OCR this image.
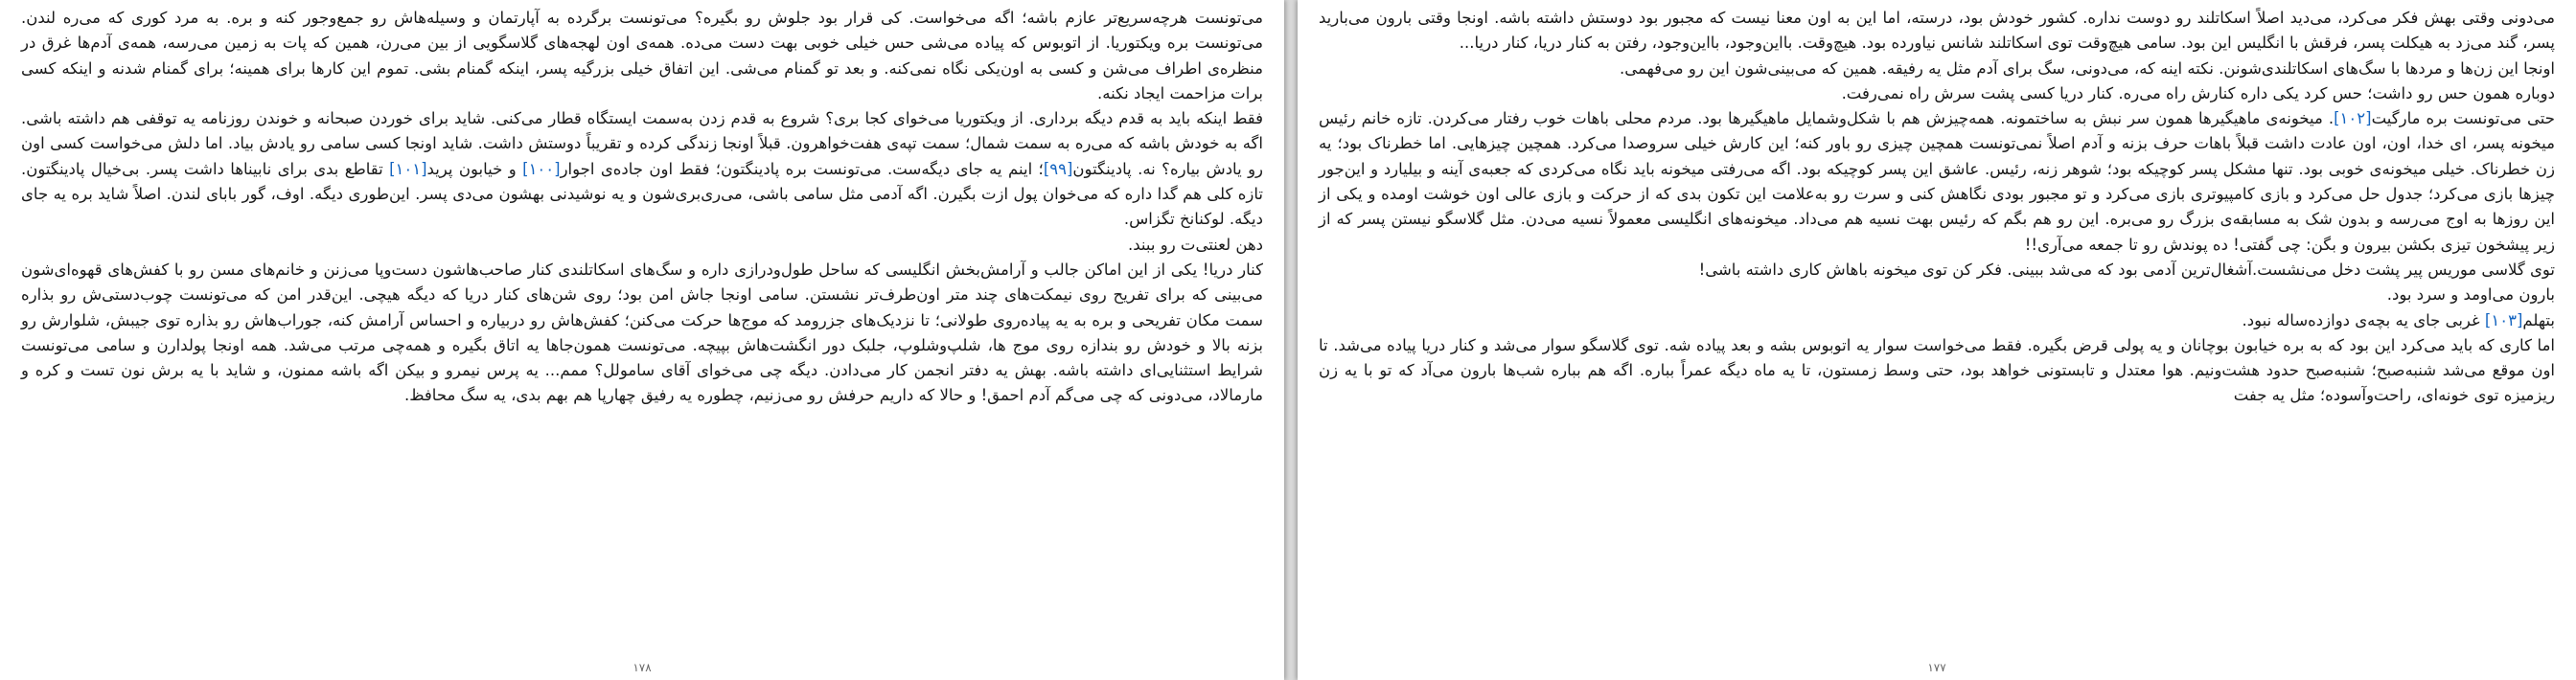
می‌تونست هرچه‌سریع‌تر عازم باشه؛ اگه می‌خواست. کی قرار بود جلوش رو بگیره؟ می‌تونست برگرده به آپارتمان و وسیله‌هاش رو جمع‌وجور کنه و بره. به مرد کوری که می‌ره لندن. می‌تونست بره ویکتوریا. از اتوبوس که پیاده می‌شی حس خیلی خوبی بهت دست می‌ده. همه‌ی اون لهجه‌های گلاسگویی از بین می‌رن، همین که پات به زمین می‌رسه، همه‌ی آدم‌ها غرق در منظره‌ی اطراف می‌شن و کسی به اون‌یکی نگاه نمی‌کنه. و بعد تو گمنام می‌شی. این اتفاق خیلی بزرگیه پسر، اینکه گمنام بشی. تموم این کارها برای همینه؛ برای گمنام شدنه و اینکه کسی برات مزاحمت ایجاد نکنه.

فقط اینکه باید به قدم دیگه برداری. از ویکتوریا می‌خوای کجا بری؟ شروع به قدم زدن به‌سمت ایستگاه قطار می‌کنی. شاید برای خوردن صبحانه و خوندن روزنامه یه توقفی هم داشته باشی. اگه به خودش باشه که می‌ره به سمت شمال؛ سمت تپه‌ی هفت‌خواهرون. قبلاً اونجا زندگی کرده و تقریباً دوستش داشت. شاید اونجا کسی سامی رو یادش بیاد. اما دلش می‌خواست کسی اون رو یادش بیاره؟ نه. پادینگتون[۹۹]؛ اینم یه جای دیگه‌ست. می‌تونست بره پادینگتون؛ فقط اون جاده‌ی اجوار[۱۰۰] و خیابون پرید[۱۰۱] تقاطع بدی برای نابیناها داشت پسر. بی‌خیال پادینگتون. تازه کلی هم گدا داره که می‌خوان پول ازت بگیرن. اگه آدمی مثل سامی باشی، می‌ری‌بری‌شون و یه نوشیدنی بهشون می‌دی پسر. این‌طوری دیگه. اوف، گور بابای لندن. اصلاً شاید بره یه جای دیگه. لوکنانخ تگزاس.

دهن لعنتی‌ت رو ببند.

کنار دریا! یکی از این اماکن جالب و آرامش‌بخش انگلیسی که ساحل طول‌ودرازی داره و سگ‌های اسکاتلندی کنار صاحب‌هاشون دست‌وپا می‌زنن و خانم‌های مسن رو با کفش‌های قهوه‌ای‌شون می‌بینی که برای تفریح روی نیمکت‌های چند متر اون‌طرف‌تر نشستن. سامی اونجا جاش امن بود؛ روی شن‌های کنار دریا که دیگه هیچی. این‌قدر امن که می‌تونست چوب‌دستی‌ش رو بذاره سمت مکان تفریحی و بره به یه پیاده‌روی طولانی؛ تا نزدیک‌های جزرومد که موج‌ها حرکت می‌کنن؛ کفش‌هاش رو دربیاره و احساس آرامش کنه، جوراب‌هاش رو بذاره توی جیبش، شلوارش رو بزنه بالا و خودش رو بندازه روی موج ها، شلپ‌وشلوپ، جلبک دور انگشت‌هاش بپیچه. می‌تونست همون‌جاها یه اتاق بگیره و همه‌چی مرتب می‌شد. همه اونجا پولدارن و سامی می‌تونست شرایط استثنایی‌ای داشته باشه. بهش یه دفتر انجمن کار می‌دادن. دیگه چی می‌خوای آقای سامولل؟ ممم... یه پرس نیمرو و بیکن اگه باشه ممنون، و شاید با یه برش نون تست و کره و مارمالاد، می‌دونی که چی می‌گم آدم احمق! و حالا که داریم حرفش رو می‌زنیم، چطوره یه رفیق چهارپا هم بهم بدی، یه سگ محافظ.

۱۷۸

می‌دونی وقتی بهش فکر می‌کرد، می‌دید اصلاً اسکاتلند رو دوست نداره. کشور خودش بود، درسته، اما این به اون معنا نیست که مجبور بود دوستش داشته باشه. اونجا وقتی بارون می‌بارید پسر، گند می‌زد به هیکلت پسر، فرقش با انگلیس این بود. سامی هیچ‌وقت توی اسکاتلند شانس نیاورده بود. هیچ‌وقت. بااین‌وجود، بااین‌وجود، رفتن به کنار دریا، کنار دریا...

اونجا این زن‌ها و مردها با سگ‌های اسکاتلندی‌شونن. نکته اینه که، می‌دونی، سگ برای آدم مثل یه رفیقه. همین که می‌بینی‌شون این رو می‌فهمی.

دوباره همون حس رو داشت؛ حس کرد یکی داره کنارش راه می‌ره. کنار دریا کسی پشت سرش راه نمی‌رفت.

حتی می‌تونست بره مارگیت[۱۰۲]. میخونه‌ی ماهیگیرها همون سر نبش به ساختمونه. همه‌چیزش هم با شکل‌وشمایل ماهیگیرها بود. مردم محلی باهات خوب رفتار می‌کردن. تازه خانم رئیس میخونه پسر، ای خدا، اون، اون عادت داشت قبلاً باهات حرف بزنه و آدم اصلاً نمی‌تونست همچین چیزی رو باور کنه؛ این کارش خیلی سروصدا می‌کرد. همچین چیزهایی. اما خطرناک بود؛ یه زن خطرناک. خیلی میخونه‌ی خوبی بود. تنها مشکل پسر کوچیکه بود؛ شوهر زنه، رئیس. عاشق این پسر کوچیکه بود. اگه می‌رفتی میخونه باید نگاه می‌کردی که جعبه‌ی آینه و بیلیارد و این‌جور چیزها بازی می‌کرد؛ جدول حل می‌کرد و بازی کامپیوتری بازی می‌کرد و تو مجبور بودی نگاهش کنی و سرت رو به‌علامت این تکون بدی که از حرکت و بازی عالی اون خوشت اومده و یکی از این روزها به اوج می‌رسه و بدون شک به مسابقه‌ی بزرگ رو می‌بره. این رو هم بگم که رئیس بهت نسیه هم می‌داد. میخونه‌های انگلیسی معمولاً نسیه می‌دن. مثل گلاسگو نیستن پسر که از زیر پیشخون تیزی بکشن بیرون و بگن: چی گفتی! ده پوندش رو تا جمعه می‌آری!!

توی گلاسی موریس پیر پشت دخل می‌نشست.آشغال‌ترین آدمی بود که می‌شد ببینی. فکر کن توی میخونه باهاش کاری داشته باشی!

بارون می‌اومد و سرد بود.

بتهلم[۱۰۳] غربی جای یه بچه‌ی دوازده‌ساله نبود.

اما کاری که باید می‌کرد این بود که به بره خیابون بوچانان و یه پولی قرض بگیره. فقط می‌خواست سوار یه اتوبوس بشه و بعد پیاده شه. توی گلاسگو سوار می‌شد و کنار دریا پیاده می‌شد. تا اون موقع می‌شد شنبه‌صبح؛ شنبه‌صبح حدود هشت‌ونیم. هوا معتدل و تابستونی خواهد بود، حتی وسط زمستون، تا یه ماه دیگه عمراً بباره. اگه هم بباره شب‌ها بارون می‌آد که تو با یه زن ریزمیزه توی خونه‌ای، راحت‌وآسوده؛ مثل یه جفت

۱۷۷
